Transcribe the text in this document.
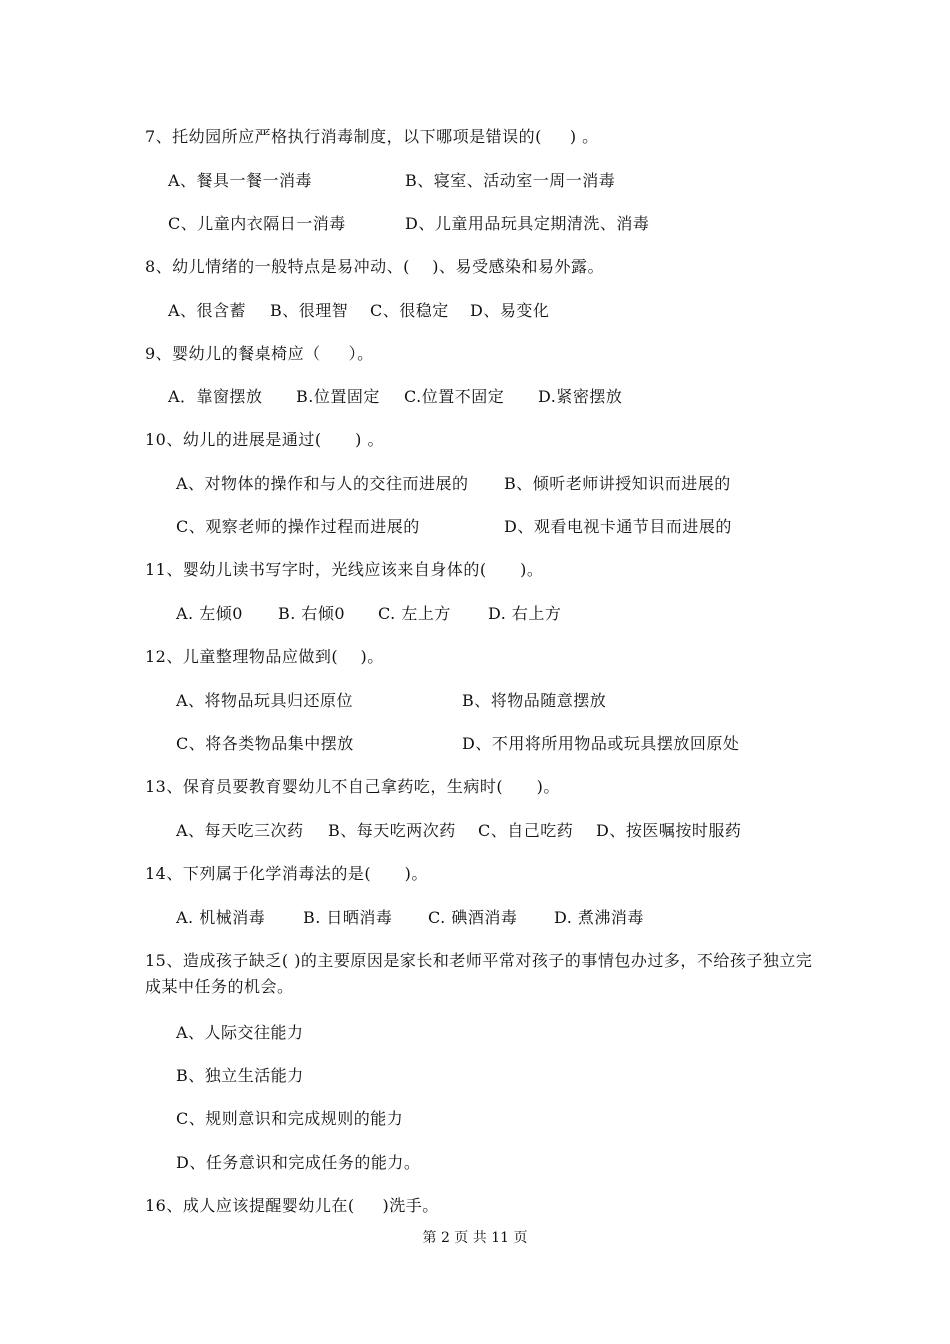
7、托幼园所应严格执行消毒制度，以下哪项是错误的(     ) 。
A、餐具一餐一消毒	B、寝室、活动室一周一消毒
C、儿童内衣隔日一消毒	D、儿童用品玩具定期清洗、消毒
8、幼儿情绪的一般特点是易冲动、(    )、易受感染和易外露。
A、很含蓄 B、很理智 C、很稳定 D、易变化
9、婴幼儿的餐桌椅应（     ）。
A．靠窗摆放 B.位置固定 C.位置不固定 D.紧密摆放
10、幼儿的进展是通过(      ) 。
A、对物体的操作和与人的交往而进展的 B、倾听老师讲授知识而进展的
C、观察老师的操作过程而进展的	D、观看电视卡通节目而进展的
11、婴幼儿读书写字时，光线应该来自身体的(      )。
A. 左倾0 B. 右倾0 C. 左上方 D. 右上方
12、儿童整理物品应做到(    )。
A、将物品玩具归还原位	B、将物品随意摆放
C、将各类物品集中摆放	D、不用将所用物品或玩具摆放回原处
13、保育员要教育婴幼儿不自己拿药吃，生病时(      )。
A、每天吃三次药 B、每天吃两次药 C、自己吃药 D、按医嘱按时服药
14、下列属于化学消毒法的是(      )。
A. 机械消毒 B. 日晒消毒 C. 碘酒消毒 D. 煮沸消毒
15、造成孩子缺乏( )的主要原因是家长和老师平常对孩子的事情包办过多，不给孩子独立完成某中任务的机会。
A、人际交往能力
B、独立生活能力
C、规则意识和完成规则的能力
D、任务意识和完成任务的能力。
16、成人应该提醒婴幼儿在(     )洗手。
第 2 页 共 11 页
